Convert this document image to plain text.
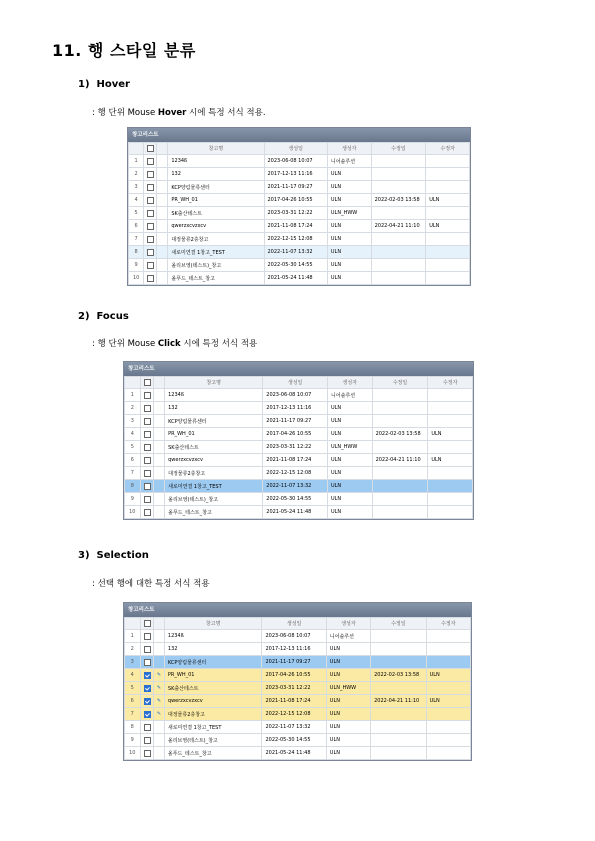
11. 행 스타일 분류
1) Hover
: 행 단위 Mouse Hover 시에 특정 서식 적용.
창고리스트
			창고명	생성일	생성자	수정일	수정자
1			1234ß	2023-06-08 10:07	니어솔루션		
2			132	2017-12-13 11:16	ULN		
3			KCP양림물류센터	2021-11-17 09:27	ULN		
4			PR_WH_01	2017-04-26 10:55	ULN	2022-02-03 13:58	ULN
5			SK출산테스트	2023-03-31 12:22	ULN_HWW		
6			qwerzxcvzxcv	2021-11-08 17:24	ULN	2022-04-21 11:10	ULN
7			대정물류2층창고	2022-12-15 12:08	ULN		
8			새로미연결 1창고_TEST	2022-11-07 13:32	ULN		
9			올리브영(테스트)_창고	2022-05-30 14:55	ULN		
10			올푸드_테스트_창고	2021-05-24 11:48	ULN		
2) Focus
: 행 단위 Mouse Click 시에 특정 서식 적용
창고리스트
			창고명	생성일	생성자	수정일	수정자
1			1234ß	2023-06-08 10:07	니어솔루션		
2			132	2017-12-13 11:16	ULN		
3			KCP양림물류센터	2021-11-17 09:27	ULN		
4			PR_WH_01	2017-04-26 10:55	ULN	2022-02-03 13:58	ULN
5			SK출산테스트	2023-03-31 12:22	ULN_HWW		
6			qwerzxcvzxcv	2021-11-08 17:24	ULN	2022-04-21 11:10	ULN
7			대정물류2층창고	2022-12-15 12:08	ULN		
8			새로미연결 1창고_TEST	2022-11-07 13:32	ULN		
9			올리브영(테스트)_창고	2022-05-30 14:55	ULN		
10			올푸드_테스트_창고	2021-05-24 11:48	ULN		
3) Selection
: 선택 행에 대한 특정 서식 적용
창고리스트
			창고명	생성일	생성자	수정일	수정자
1			1234ß	2023-06-08 10:07	니어솔루션		
2			132	2017-12-13 11:16	ULN		
3			KCP양림물류센터	2021-11-17 09:27	ULN		
4		✎	PR_WH_01	2017-04-26 10:55	ULN	2022-02-03 13:58	ULN
5		✎	SK출산테스트	2023-03-31 12:22	ULN_HWW		
6		✎	qwerzxcvzxcv	2021-11-08 17:24	ULN	2022-04-21 11:10	ULN
7		✎	대정물류2층창고	2022-12-15 12:08	ULN		
8			새로미연결 1창고_TEST	2022-11-07 13:32	ULN		
9			올리브영(테스트)_창고	2022-05-30 14:55	ULN		
10			올푸드_테스트_창고	2021-05-24 11:48	ULN		
